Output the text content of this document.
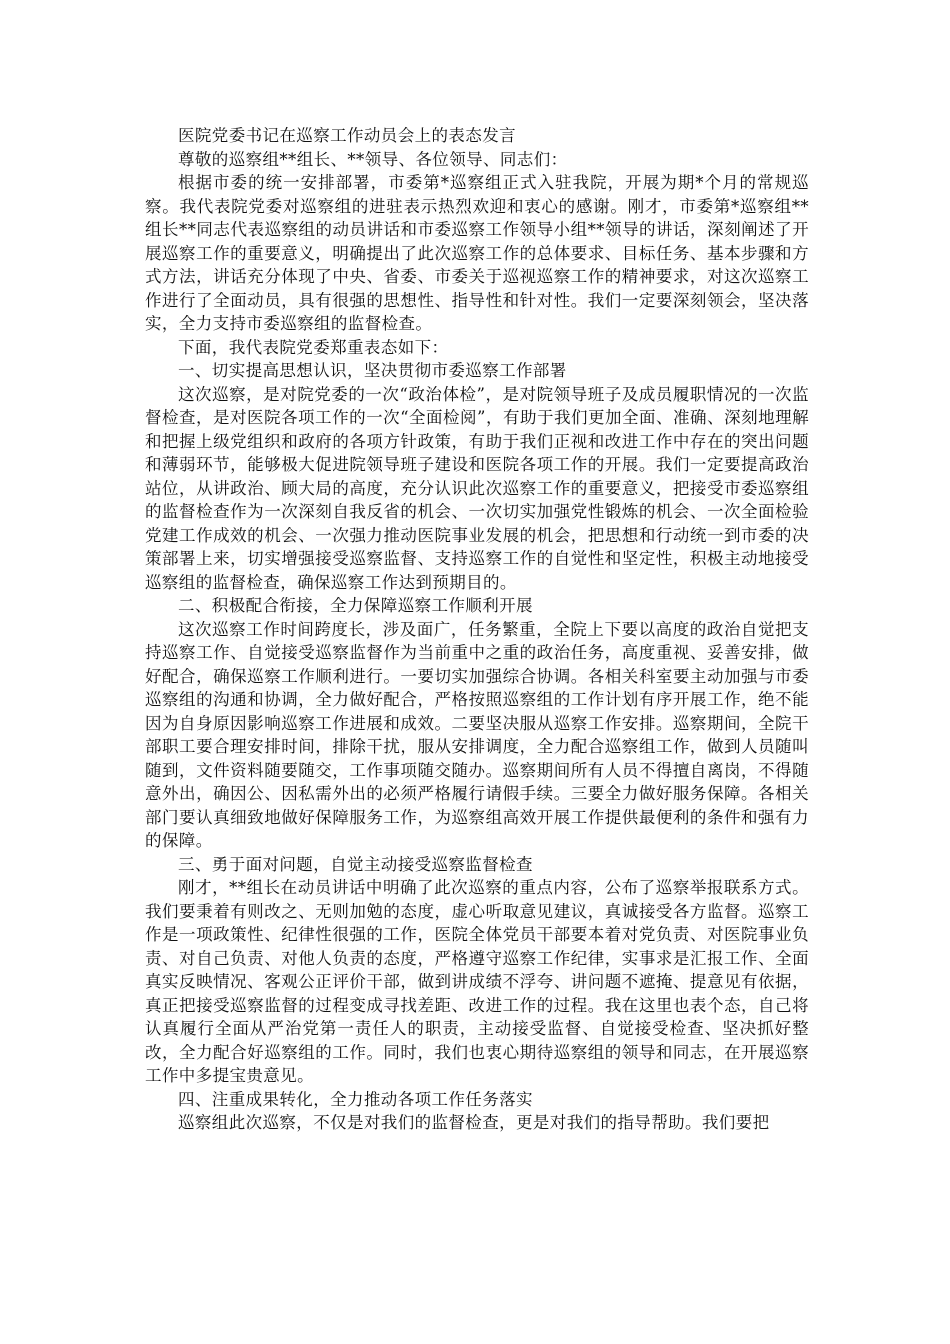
医院党委书记在巡察工作动员会上的表态发言

尊敬的巡察组**组长、**领导、各位领导、同志们：

根据市委的统一安排部署，市委第*巡察组正式入驻我院，开展为期*个月的常规巡察。我代表院党委对巡察组的进驻表示热烈欢迎和衷心的感谢。刚才，市委第*巡察组**组长**同志代表巡察组的动员讲话和市委巡察工作领导小组**领导的讲话，深刻阐述了开展巡察工作的重要意义，明确提出了此次巡察工作的总体要求、目标任务、基本步骤和方式方法，讲话充分体现了中央、省委、市委关于巡视巡察工作的精神要求，对这次巡察工作进行了全面动员，具有很强的思想性、指导性和针对性。我们一定要深刻领会，坚决落实，全力支持市委巡察组的监督检查。

下面，我代表院党委郑重表态如下：

一、切实提高思想认识，坚决贯彻市委巡察工作部署

这次巡察，是对院党委的一次“政治体检”，是对院领导班子及成员履职情况的一次监督检查，是对医院各项工作的一次“全面检阅”，有助于我们更加全面、准确、深刻地理解和把握上级党组织和政府的各项方针政策，有助于我们正视和改进工作中存在的突出问题和薄弱环节，能够极大促进院领导班子建设和医院各项工作的开展。我们一定要提高政治站位，从讲政治、顾大局的高度，充分认识此次巡察工作的重要意义，把接受市委巡察组的监督检查作为一次深刻自我反省的机会、一次切实加强党性锻炼的机会、一次全面检验党建工作成效的机会、一次强力推动医院事业发展的机会，把思想和行动统一到市委的决策部署上来，切实增强接受巡察监督、支持巡察工作的自觉性和坚定性，积极主动地接受巡察组的监督检查，确保巡察工作达到预期目的。

二、积极配合衔接，全力保障巡察工作顺利开展

这次巡察工作时间跨度长，涉及面广，任务繁重，全院上下要以高度的政治自觉把支持巡察工作、自觉接受巡察监督作为当前重中之重的政治任务，高度重视、妥善安排，做好配合，确保巡察工作顺利进行。一要切实加强综合协调。各相关科室要主动加强与市委巡察组的沟通和协调，全力做好配合，严格按照巡察组的工作计划有序开展工作，绝不能因为自身原因影响巡察工作进展和成效。二要坚决服从巡察工作安排。巡察期间，全院干部职工要合理安排时间，排除干扰，服从安排调度，全力配合巡察组工作，做到人员随叫随到，文件资料随要随交，工作事项随交随办。巡察期间所有人员不得擅自离岗，不得随意外出，确因公、因私需外出的必须严格履行请假手续。三要全力做好服务保障。各相关部门要认真细致地做好保障服务工作，为巡察组高效开展工作提供最便利的条件和强有力的保障。

三、勇于面对问题，自觉主动接受巡察监督检查

刚才，**组长在动员讲话中明确了此次巡察的重点内容，公布了巡察举报联系方式。我们要秉着有则改之、无则加勉的态度，虚心听取意见建议，真诚接受各方监督。巡察工作是一项政策性、纪律性很强的工作，医院全体党员干部要本着对党负责、对医院事业负责、对自己负责、对他人负责的态度，严格遵守巡察工作纪律，实事求是汇报工作、全面真实反映情况、客观公正评价干部，做到讲成绩不浮夸、讲问题不遮掩、提意见有依据，真正把接受巡察监督的过程变成寻找差距、改进工作的过程。我在这里也表个态，自己将认真履行全面从严治党第一责任人的职责，主动接受监督、自觉接受检查、坚决抓好整改，全力配合好巡察组的工作。同时，我们也衷心期待巡察组的领导和同志，在开展巡察工作中多提宝贵意见。

四、注重成果转化，全力推动各项工作任务落实

巡察组此次巡察，不仅是对我们的监督检查，更是对我们的指导帮助。我们要把
